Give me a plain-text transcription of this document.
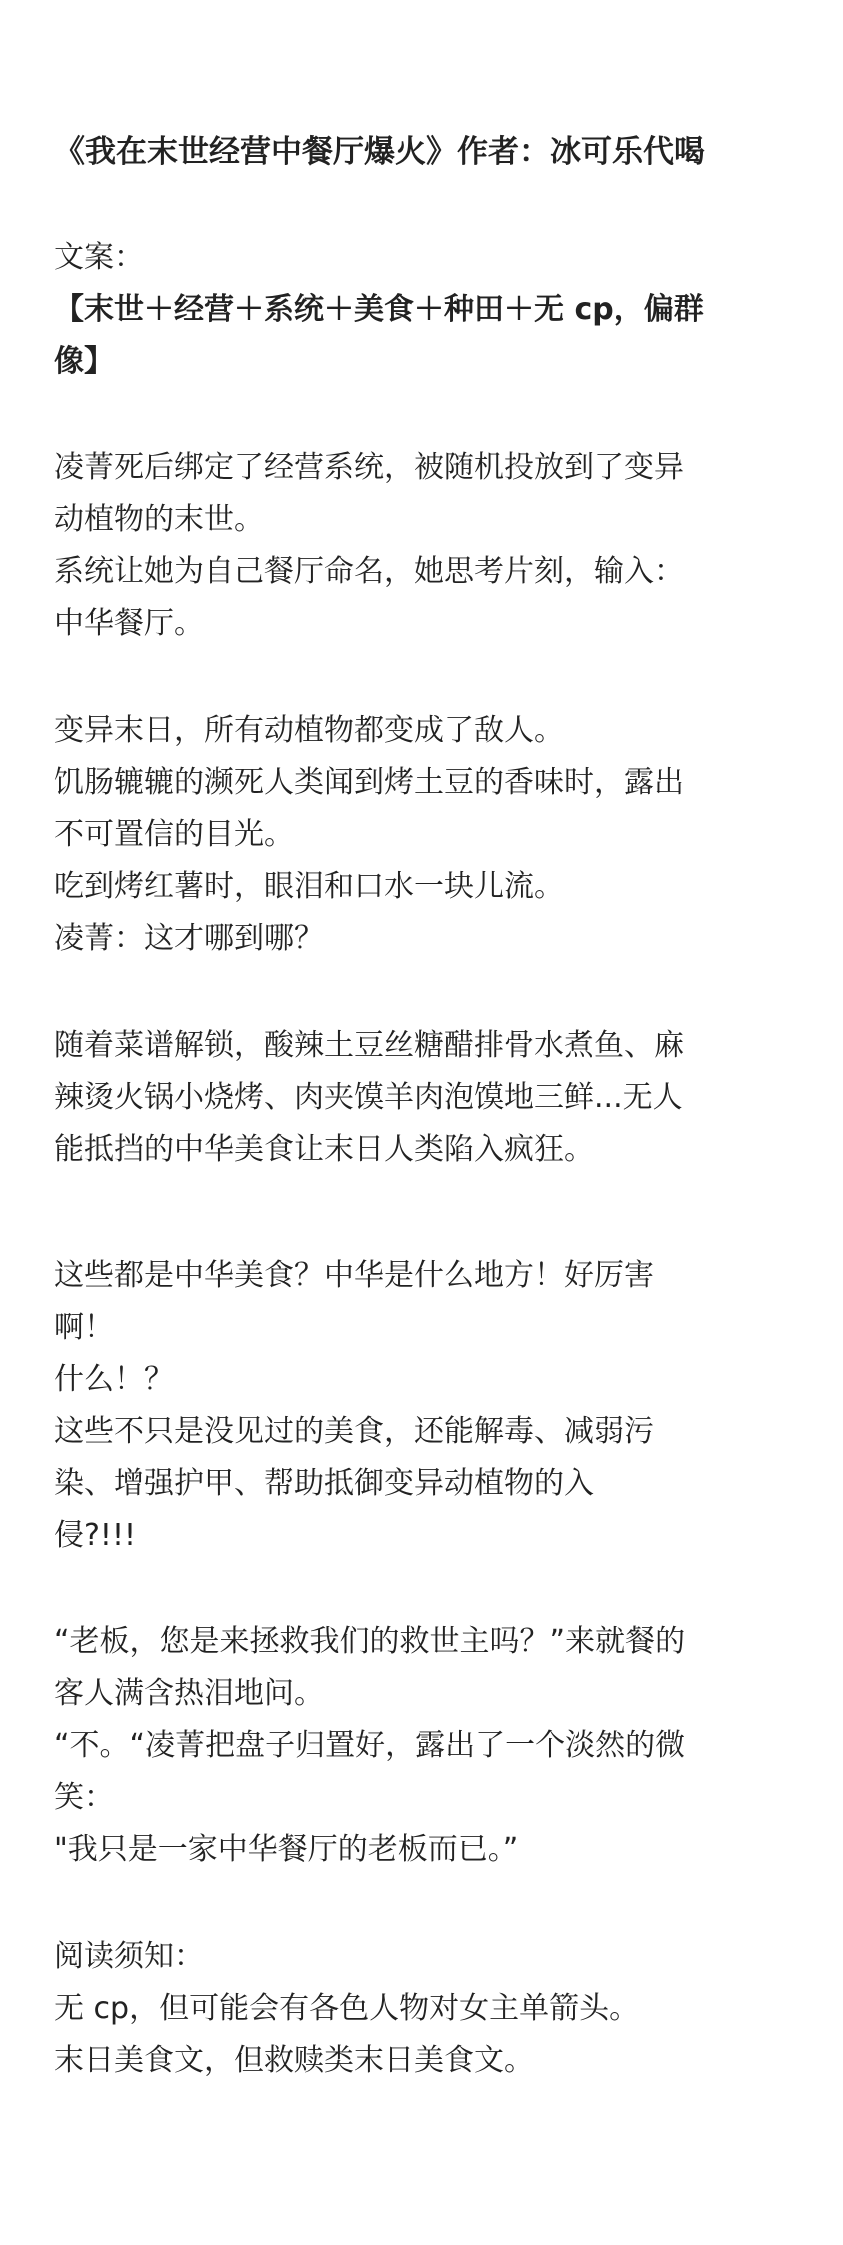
《我在末世经营中餐厅爆火》作者：冰可乐代喝
文案：
【末世＋经营＋系统＋美食＋种田＋无 cp，偏群
像】
凌菁死后绑定了经营系统，被随机投放到了变异
动植物的末世。
系统让她为自己餐厅命名，她思考片刻，输入：
中华餐厅。
变异末日，所有动植物都变成了敌人。
饥肠辘辘的濒死人类闻到烤土豆的香味时，露出
不可置信的目光。
吃到烤红薯时，眼泪和口水一块儿流。
凌菁：这才哪到哪？
随着菜谱解锁，酸辣土豆丝糖醋排骨水煮鱼、麻
辣烫火锅小烧烤、肉夹馍羊肉泡馍地三鲜...无人
能抵挡的中华美食让末日人类陷入疯狂。
这些都是中华美食？中华是什么地方！好厉害
啊！
什么！？
这些不只是没见过的美食，还能解毒、减弱污
染、增强护甲、帮助抵御变异动植物的入
侵?!!!
“老板，您是来拯救我们的救世主吗？”来就餐的
客人满含热泪地问。
“不。“凌菁把盘子归置好，露出了一个淡然的微
笑：
"我只是一家中华餐厅的老板而已。”
阅读须知：
无 cp，但可能会有各色人物对女主单箭头。
末日美食文，但救赎类末日美食文。
